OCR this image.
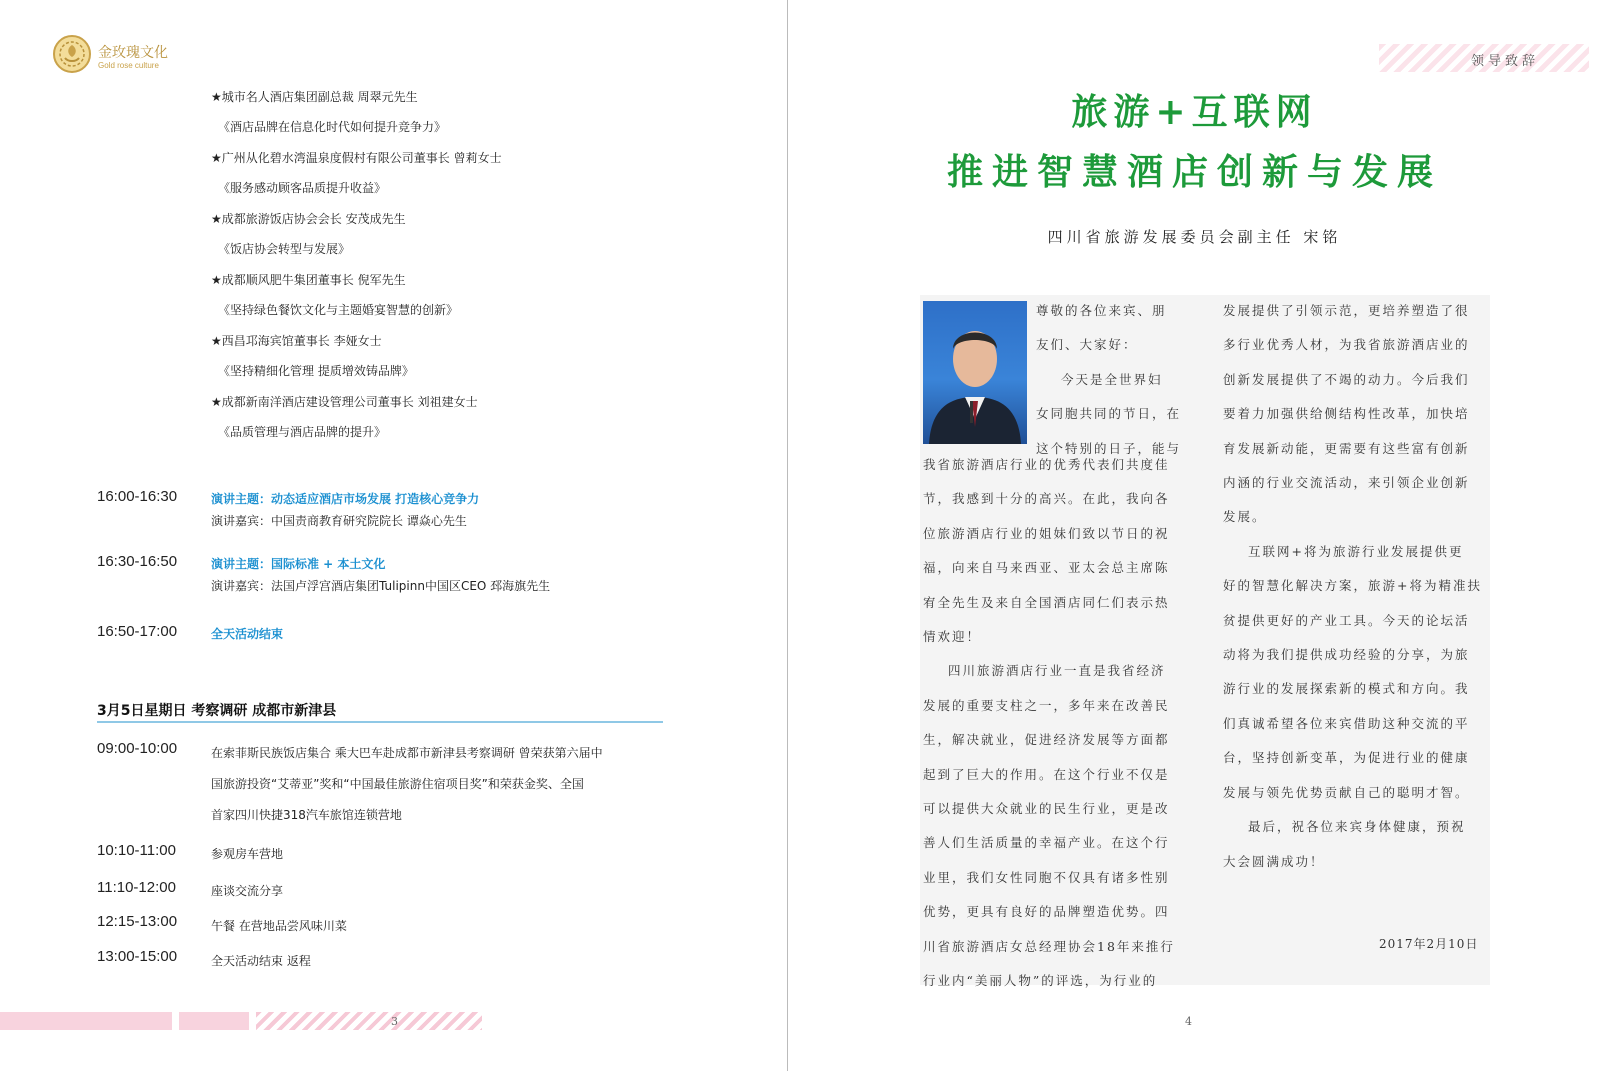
金玫瑰文化
Gold rose culture
★城市名人酒店集团副总裁 周翠元先生
《酒店品牌在信息化时代如何提升竞争力》
★广州从化碧水湾温泉度假村有限公司董事长 曾莉女士
《服务感动顾客品质提升收益》
★成都旅游饭店协会会长 安茂成先生
《饭店协会转型与发展》
★成都顺风肥牛集团董事长 倪军先生
《坚持绿色餐饮文化与主题婚宴智慧的创新》
★西昌邛海宾馆董事长 李娅女士
《坚持精细化管理 提质增效铸品牌》
★成都新南洋酒店建设管理公司董事长 刘祖建女士
《品质管理与酒店品牌的提升》
16:00-16:30	演讲主题：动态适应酒店市场发展 打造核心竞争力
演讲嘉宾：中国责商教育研究院院长 谭焱心先生
16:30-16:50	演讲主题：国际标准 + 本土文化
演讲嘉宾：法国卢浮宫酒店集团Tulipinn中国区CEO 邳海旗先生
16:50-17:00	全天活动结束
3月5日星期日 考察调研 成都市新津县
09:00-10:00	在索菲斯民族饭店集合 乘大巴车赴成都市新津县考察调研 曾荣获第六届中
国旅游投资“艾蒂亚”奖和“中国最佳旅游住宿项目奖”和荣获金奖、全国
首家四川快捷318汽车旅馆连锁营地
10:10-11:00	参观房车营地
11:10-12:00	座谈交流分享
12:15-13:00	午餐 在营地品尝风味川菜
13:00-15:00	全天活动结束 返程
3
领导致辞
旅游+互联网
推进智慧酒店创新与发展
四川省旅游发展委员会副主任 宋铭
尊敬的各位来宾、朋
友们、大家好：
今天是全世界妇
女同胞共同的节日，在
这个特别的日子，能与
我省旅游酒店行业的优秀代表们共度佳
节，我感到十分的高兴。在此，我向各
位旅游酒店行业的姐妹们致以节日的祝
福，向来自马来西亚、亚太会总主席陈
宥全先生及来自全国酒店同仁们表示热
情欢迎！
四川旅游酒店行业一直是我省经济
发展的重要支柱之一，多年来在改善民
生，解决就业，促进经济发展等方面都
起到了巨大的作用。在这个行业不仅是
可以提供大众就业的民生行业，更是改
善人们生活质量的幸福产业。在这个行
业里，我们女性同胞不仅具有诸多性别
优势，更具有良好的品牌塑造优势。四
川省旅游酒店女总经理协会18年来推行
行业内“美丽人物”的评选，为行业的
发展提供了引领示范，更培养塑造了很
多行业优秀人材，为我省旅游酒店业的
创新发展提供了不竭的动力。今后我们
要着力加强供给侧结构性改革，加快培
育发展新动能，更需要有这些富有创新
内涵的行业交流活动，来引领企业创新
发展。
互联网+将为旅游行业发展提供更
好的智慧化解决方案，旅游+将为精准扶
贫提供更好的产业工具。今天的论坛活
动将为我们提供成功经验的分享，为旅
游行业的发展探索新的模式和方向。我
们真诚希望各位来宾借助这种交流的平
台，坚持创新变革，为促进行业的健康
发展与领先优势贡献自己的聪明才智。
最后，祝各位来宾身体健康，预祝
大会圆满成功！
2017年2月10日
4
